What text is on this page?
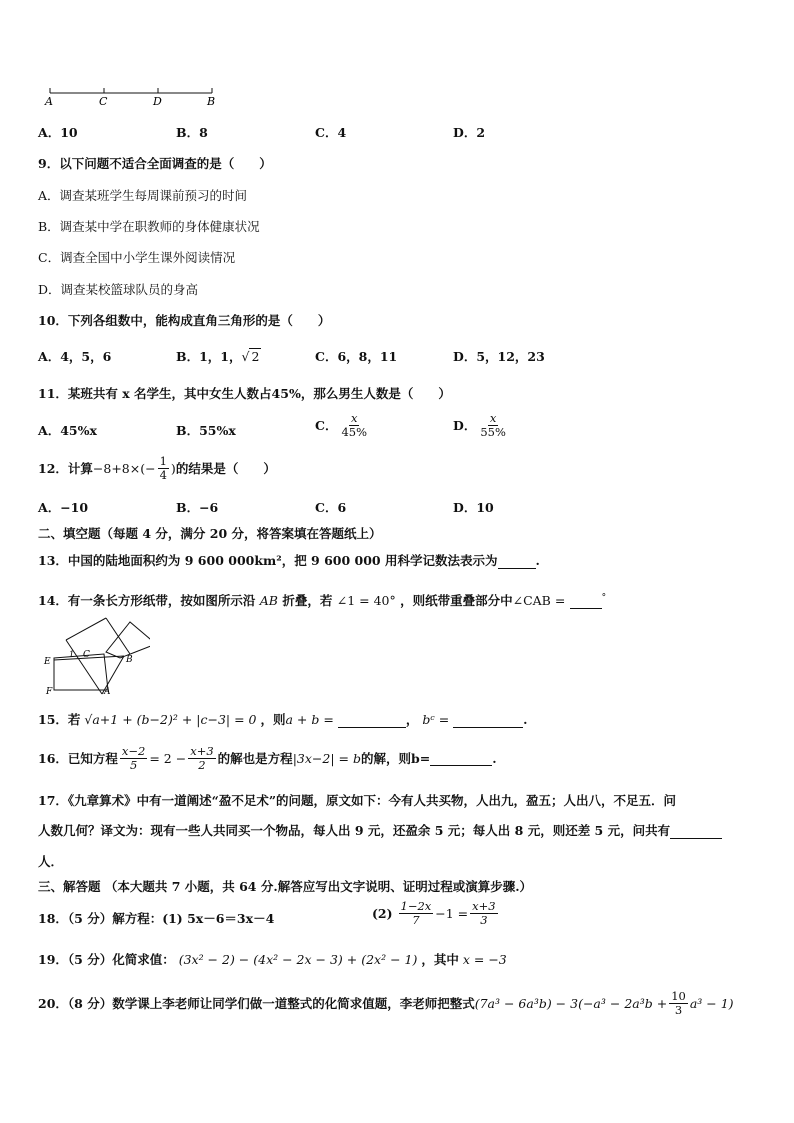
A	C	D	B
A．10	B．8	C．4	D．2
9．以下问题不适合全面调查的是（　　）
A．调查某班学生每周课前预习的时间
B．调查某中学在职教师的身体健康状况
C．调查全国中小学生课外阅读情况
D．调查某校篮球队员的身高
10．下列各组数中，能构成直角三角形的是（　　）
A．4，5，6	B．1，1，√ 2	C．6，8，11	D．5，12，23
11．某班共有 x 名学生，其中女生人数占45%，那么男生人数是（　　）
A．45%x	B．55%x	C． $\frac{x}{45\%}$	D． $\frac{x}{55\%}$
12．计算 $-8+8\times(- \frac{1}{4}$ ) 的结果是（　　）
A．−10	B．−6	C．6	D．10
二、填空题（每题 4 分，满分 20 分，将答案填在答题纸上）
13．中国的陆地面积约为 9 600 000km²，把 9 600 000 用科学记数法表示为	.
14．有一条长方形纸带，按如图所示沿 AB 折叠，若 ∠1 = 40° ，则纸带重叠部分中∠CAB =	°
E
1 C	B
F	A
15．若 √a+1 + (b−2)² + |c−3| = 0 ，则a + b =	， bᶜ =	.
16．已知方程 $\frac{x-2}{5} = 2 - \frac{x+3}{2}$ 的解也是方程 |3x−2| = b 的解，则b=	.
17．《九章算术》中有一道阐述“盈不足术”的问题，原文如下：今有人共买物，人出九，盈五；人出八，不足五．问
人数几何？译文为：现有一些人共同买一个物品，每人出 9 元，还盈余 5 元；每人出 8 元，则还差 5 元，问共有
人．
三、解答题 （本大题共 7 小题，共 64 分.解答应写出文字说明、证明过程或演算步骤.）
18．（5 分）解方程：(1) 5x－6＝3x－4	(2)
$\frac{1-2x}{7} -1 = \frac{x+3}{3}$
19．（5 分）化简求值： (3x² − 2) − (4x² − 2x − 3) + (2x² − 1) ，其中 x = −3
20．（8 分）数学课上李老师让同学们做一道整式的化简求值题，李老师把整式 $(7a^3 - 6a^3b) - 3(-a^3 - 2a^3b + \frac{10}{3} a^3 - 1)$
